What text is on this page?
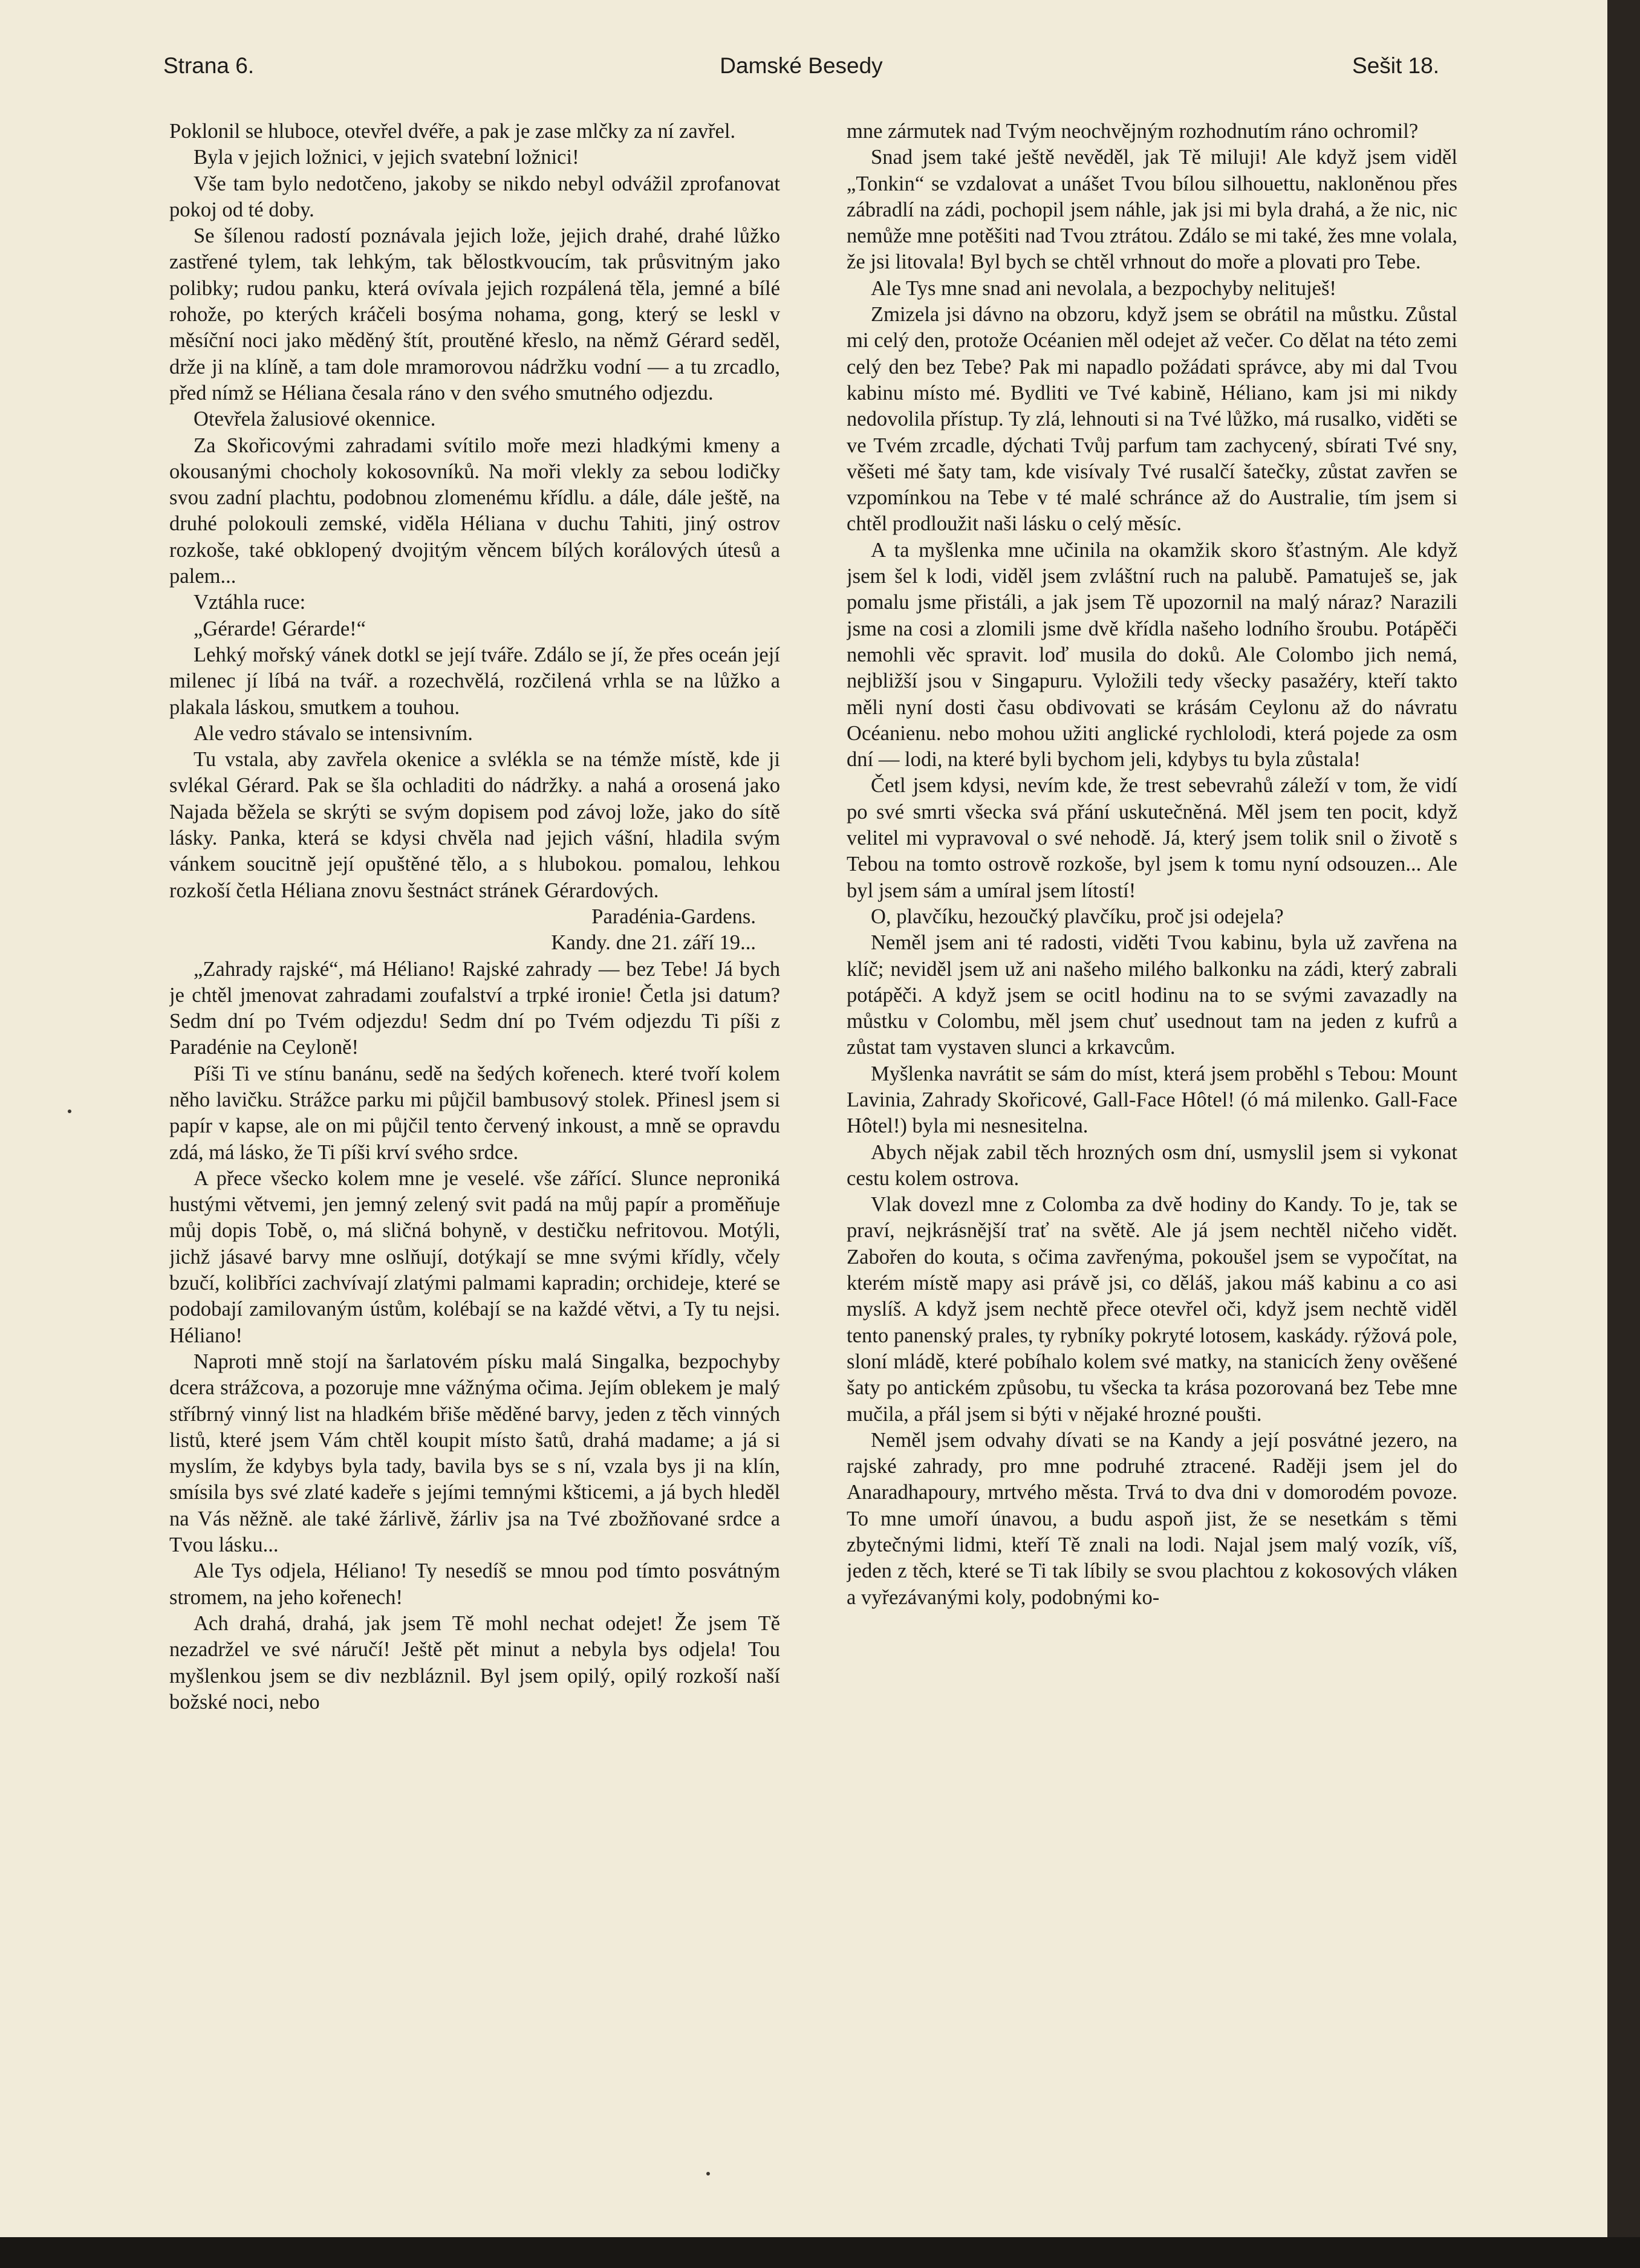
Damské Besedy
Strana 6.	Sešit 18.

Poklonil se hluboce, otevřel dvéře, a pak je zase mlčky za ní zavřel.

Byla v jejich ložnici, v jejich svatební ložnici!

Vše tam bylo nedotčeno, jakoby se nikdo nebyl odvážil zprofanovat pokoj od té doby.

Se šílenou radostí poznávala jejich lože, jejich drahé, drahé lůžko zastřené tylem, tak lehkým, tak bělostkvoucím, tak průsvitným jako polibky; rudou panku, která ovívala jejich rozpálená těla, jemné a bílé rohože, po kterých kráčeli bosýma nohama, gong, který se leskl v měsíční noci jako měděný štít, proutěné křeslo, na němž Gérard seděl, drže ji na klíně, a tam dole mramorovou nádržku vodní — a tu zrcadlo, před nímž se Héliana česala ráno v den svého smutného odjezdu.

Otevřela žalusiové okennice.

Za Skořicovými zahradami svítilo moře mezi hladkými kmeny a okousanými chocholy kokosovníků. Na moři vlekly za sebou lodičky svou zadní plachtu, podobnou zlomenému křídlu. a dále, dále ještě, na druhé polokouli zemské, viděla Héliana v duchu Tahiti, jiný ostrov rozkoše, také obklopený dvojitým věncem bílých korálových útesů a palem...

Vztáhla ruce:

„Gérarde! Gérarde!“

Lehký mořský vánek dotkl se její tváře. Zdálo se jí, že přes oceán její milenec jí líbá na tvář. a rozechvělá, rozčilená vrhla se na lůžko a plakala láskou, smutkem a touhou.

Ale vedro stávalo se intensivním.

Tu vstala, aby zavřela okenice a svlékla se na témže místě, kde ji svlékal Gérard. Pak se šla ochladiti do nádržky. a nahá a orosená jako Najada běžela se skrýti se svým dopisem pod závoj lože, jako do sítě lásky. Panka, která se kdysi chvěla nad jejich vášní, hladila svým vánkem soucitně její opuštěné tělo, a s hlubokou. pomalou, lehkou rozkoší četla Héliana znovu šestnáct stránek Gérardových.

Paradénia-Gardens.

Kandy. dne 21. září 19...

„Zahrady rajské“, má Héliano! Rajské zahrady — bez Tebe! Já bych je chtěl jmenovat zahradami zoufalství a trpké ironie! Četla jsi datum? Sedm dní po Tvém odjezdu! Sedm dní po Tvém odjezdu Ti píši z Paradénie na Ceyloně!

Píši Ti ve stínu banánu, sedě na šedých kořenech. které tvoří kolem něho lavičku. Strážce parku mi půjčil bambusový stolek. Přinesl jsem si papír v kapse, ale on mi půjčil tento červený inkoust, a mně se opravdu zdá, má lásko, že Ti píši krví svého srdce.

A přece všecko kolem mne je veselé. vše zářící. Slunce neproniká hustými větvemi, jen jemný zelený svit padá na můj papír a proměňuje můj dopis Tobě, o, má sličná bohyně, v destičku nefritovou. Motýli, jichž jásavé barvy mne oslňují, dotýkají se mne svými křídly, včely bzučí, kolibříci zachvívají zlatými palmami kapradin; orchideje, které se podobají zamilovaným ústům, kolébají se na každé větvi, a Ty tu nejsi. Héliano!

Naproti mně stojí na šarlatovém písku malá Singalka, bezpochyby dcera strážcova, a pozoruje mne vážnýma očima. Jejím oblekem je malý stříbrný vinný list na hladkém břiše měděné barvy, jeden z těch vinných listů, které jsem Vám chtěl koupit místo šatů, drahá madame; a já si myslím, že kdybys byla tady, bavila bys se s ní, vzala bys ji na klín, smísila bys své zlaté kadeře s jejími temnými kšticemi, a já bych hleděl na Vás něžně. ale také žárlivě, žárliv jsa na Tvé zbožňované srdce a Tvou lásku...

Ale Tys odjela, Héliano! Ty nesedíš se mnou pod tímto posvátným stromem, na jeho kořenech!

Ach drahá, drahá, jak jsem Tě mohl nechat odejet! Že jsem Tě nezadržel ve své náručí! Ještě pět minut a nebyla bys odjela! Tou myšlenkou jsem se div nezbláznil. Byl jsem opilý, opilý rozkoší naší božské noci, nebo

mne zármutek nad Tvým neochvějným rozhodnutím ráno ochromil?

Snad jsem také ještě nevěděl, jak Tě miluji! Ale když jsem viděl „Tonkin“ se vzdalovat a unášet Tvou bílou silhouettu, nakloněnou přes zábradlí na zádi, pochopil jsem náhle, jak jsi mi byla drahá, a že nic, nic nemůže mne potěšiti nad Tvou ztrátou. Zdálo se mi také, žes mne volala, že jsi litovala! Byl bych se chtěl vrhnout do moře a plovati pro Tebe.

Ale Tys mne snad ani nevolala, a bezpochyby nelituješ!

Zmizela jsi dávno na obzoru, když jsem se obrátil na můstku. Zůstal mi celý den, protože Océanien měl odejet až večer. Co dělat na této zemi celý den bez Tebe? Pak mi napadlo požádati správce, aby mi dal Tvou kabinu místo mé. Bydliti ve Tvé kabině, Héliano, kam jsi mi nikdy nedovolila přístup. Ty zlá, lehnouti si na Tvé lůžko, má rusalko, viděti se ve Tvém zrcadle, dýchati Tvůj parfum tam zachycený, sbírati Tvé sny, věšeti mé šaty tam, kde visívaly Tvé rusalčí šatečky, zůstat zavřen se vzpomínkou na Tebe v té malé schránce až do Australie, tím jsem si chtěl prodloužit naši lásku o celý měsíc.

A ta myšlenka mne učinila na okamžik skoro šťastným. Ale když jsem šel k lodi, viděl jsem zvláštní ruch na palubě. Pamatuješ se, jak pomalu jsme přistáli, a jak jsem Tě upozornil na malý náraz? Narazili jsme na cosi a zlomili jsme dvě křídla našeho lodního šroubu. Potápěči nemohli věc spravit. loď musila do doků. Ale Colombo jich nemá, nejbližší jsou v Singapuru. Vyložili tedy všecky pasažéry, kteří takto měli nyní dosti času obdivovati se krásám Ceylonu až do návratu Océanienu. nebo mohou užiti anglické rychlolodi, která pojede za osm dní — lodi, na které byli bychom jeli, kdybys tu byla zůstala!

Četl jsem kdysi, nevím kde, že trest sebevrahů záleží v tom, že vidí po své smrti všecka svá přání uskutečněná. Měl jsem ten pocit, když velitel mi vypravoval o své nehodě. Já, který jsem tolik snil o životě s Tebou na tomto ostrově rozkoše, byl jsem k tomu nyní odsouzen... Ale byl jsem sám a umíral jsem lítostí!

O, plavčíku, hezoučký plavčíku, proč jsi odejela?

Neměl jsem ani té radosti, viděti Tvou kabinu, byla už zavřena na klíč; neviděl jsem už ani našeho milého balkonku na zádi, který zabrali potápěči. A když jsem se ocitl hodinu na to se svými zavazadly na můstku v Colombu, měl jsem chuť usednout tam na jeden z kufrů a zůstat tam vystaven slunci a krkavcům.

Myšlenka navrátit se sám do míst, která jsem proběhl s Tebou: Mount Lavinia, Zahrady Skořicové, Gall-Face Hôtel! (ó má milenko. Gall-Face Hôtel!) byla mi nesnesitelna.

Abych nějak zabil těch hrozných osm dní, usmyslil jsem si vykonat cestu kolem ostrova.

Vlak dovezl mne z Colomba za dvě hodiny do Kandy. To je, tak se praví, nejkrásnější trať na světě. Ale já jsem nechtěl ničeho vidět. Zabořen do kouta, s očima zavřenýma, pokoušel jsem se vypočítat, na kterém místě mapy asi právě jsi, co děláš, jakou máš kabinu a co asi myslíš. A když jsem nechtě přece otevřel oči, když jsem nechtě viděl tento panenský prales, ty rybníky pokryté lotosem, kaskády. rýžová pole, sloní mládě, které pobíhalo kolem své matky, na stanicích ženy ověšené šaty po antickém způsobu, tu všecka ta krása pozorovaná bez Tebe mne mučila, a přál jsem si býti v nějaké hrozné poušti.

Neměl jsem odvahy dívati se na Kandy a její posvátné jezero, na rajské zahrady, pro mne podruhé ztracené. Raději jsem jel do Anaradhapoury, mrtvého města. Trvá to dva dni v domorodém povoze. To mne umoří únavou, a budu aspoň jist, že se nesetkám s těmi zbytečnými lidmi, kteří Tě znali na lodi. Najal jsem malý vozík, víš, jeden z těch, které se Ti tak líbily se svou plachtou z kokosových vláken a vyřezávanými koly, podobnými ko-
